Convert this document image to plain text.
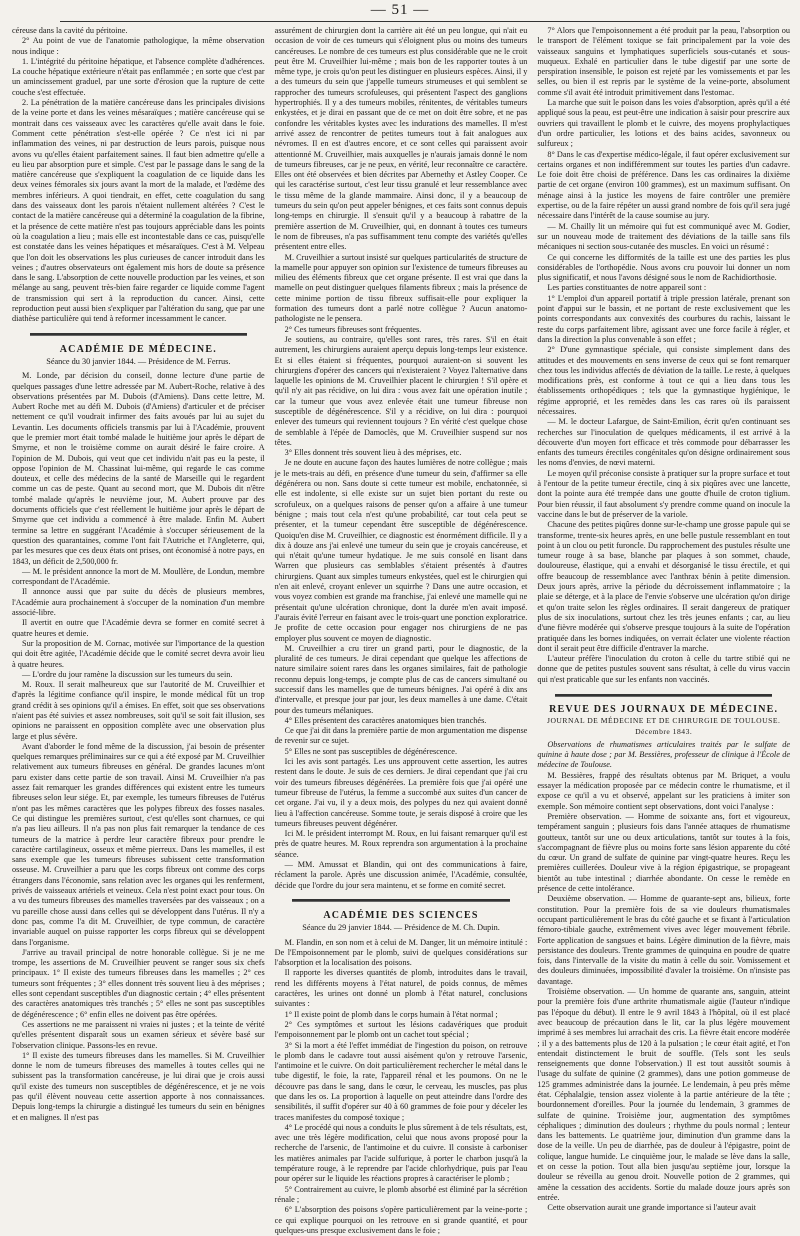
— 51 —

céreuse dans la cavité du péritoine.

2° Au point de vue de l'anatomie pathologique, la même observation nous indique :

1. L'intégrité du péritoine hépatique, et l'absence complète d'adhérences. La couche hépatique extérieure n'était pas enflammée ; en sorte que c'est par un amincissement graduel, par une sorte d'érosion que la rupture de cette couche s'est effectuée.

2. La pénétration de la matière cancéreuse dans les principales divisions de la veine porte et dans les veines mésaraïques ; matière cancéreuse qui se montrait dans ces vaisseaux avec les caractères qu'elle avait dans le foie. Comment cette pénétration s'est-elle opérée ? Ce n'est ici ni par inflammation des veines, ni par destruction de leurs parois, puisque nous avons vu qu'elles étaient parfaitement saines. Il faut bien admettre qu'elle a eu lieu par absorption pure et simple. C'est par le passage dans le sang de la matière cancéreuse que s'expliquent la coagulation de ce liquide dans les deux veines fémorales six jours avant la mort de la malade, et l'œdème des membres inférieurs. A quoi tiendrait, en effet, cette coagulation du sang dans des vaisseaux dont les parois n'étaient nullement altérées ? C'est le contact de la matière cancéreuse qui a déterminé la coagulation de la fibrine, et la présence de cette matière n'est pas toujours appréciable dans les points où la coagulation a lieu ; mais elle est incontestable dans ce cas, puisqu'elle est constatée dans les veines hépatiques et mésaraïques. C'est à M. Velpeau que l'on doit les observations les plus curieuses de cancer introduit dans les veines ; d'autres observateurs ont également mis hors de doute sa présence dans le sang. L'absorption de cette nouvelle production par les veines, et son mélange au sang, peuvent très-bien faire regarder ce liquide comme l'agent de transmission qui sert à la reproduction du cancer. Ainsi, cette reproduction peut aussi bien s'expliquer par l'altération du sang, que par une diathèse particulière qui tend à reformer incessamment le cancer.

ACADÉMIE DE MÉDECINE.
Séance du 30 janvier 1844. — Présidence de M. Ferrus.

M. Londe, par décision du conseil, donne lecture d'une partie de quelques passages d'une lettre adressée par M. Aubert-Roche, relative à des observations présentées par M. Dubois (d'Amiens). Dans cette lettre, M. Aubert Roche met au défi M. Dubois (d'Amiens) d'articuler et de préciser nettement ce qu'il voudrait infirmer des faits avoués par lui au sujet du Levantin. Les documents officiels transmis par lui à l'Académie, prouvent que le premier mort était tombé malade le huitième jour après le départ de Smyrne, et non le troisième comme on aurait désiré le faire croire. A l'opinion de M. Dubois, qui veut que cet individu n'ait pas eu la peste, il oppose l'opinion de M. Chassinat lui-même, qui regarde le cas comme douteux, et celle des médecins de la santé de Marseille qui le regardent comme un cas de peste. Quant au second mort, que M. Dubois dit n'être tombé malade qu'après le neuvième jour, M. Aubert prouve par des documents officiels que c'est réellement le huitième jour après le départ de Smyrne que cet individu a commencé à être malade. Enfin M. Aubert termine sa lettre en suggérant l'Académie à s'occuper sérieusement de la question des quarantaines, comme l'ont fait l'Autriche et l'Angleterre, qui, par les mesures que ces deux états ont prises, ont économisé à notre pays, en 1843, un déficit de 2,500,000 fr.

— M. le président annonce la mort de M. Moullère, de Londun, membre correspondant de l'Académie.

Il annonce aussi que par suite du décès de plusieurs membres, l'Académie aura prochainement à s'occuper de la nomination d'un membre associé-libre.

Il avertit en outre que l'Académie devra se former en comité secret à quatre heures et demie.

Sur la proposition de M. Cornac, motivée sur l'importance de la question qui doit être agitée, l'Académie décide que le comité secret devra avoir lieu à quatre heures.

— L'ordre du jour ramène la discussion sur les tumeurs du sein.

M. Roux. Il serait malheureux que sur l'autorité de M. Cruveilhier et d'après la légitime confiance qu'il inspire, le monde médical fût un trop grand crédit à ses opinions qu'il a émises. En effet, soit que ses observations n'aient pas été suivies et assez nombreuses, soit qu'il se soit fait illusion, ses opinions ne paraissent en opposition complète avec une observation plus large et plus sévère.

Avant d'aborder le fond même de la discussion, j'ai besoin de présenter quelques remarques préliminaires sur ce qui a été exposé par M. Cruveilhier relativement aux tumeurs fibreuses en général. De grandes lacunes m'ont paru exister dans cette partie de son travail. Ainsi M. Cruveilhier n'a pas assez fait remarquer les grandes différences qui existent entre les tumeurs fibreuses selon leur siége. Et, par exemple, les tumeurs fibreuses de l'utérus n'ont pas les mêmes caractères que les polypes fibreux des fosses nasales. Ce qui distingue les premières surtout, c'est qu'elles sont charnues, ce qui n'a pas lieu ailleurs. Il n'a pas non plus fait remarquer la tendance de ces tumeurs de la matrice à perdre leur caractère fibreux pour prendre le caractère cartilagineux, osseux et même pierreux. Dans les mamelles, il est sans exemple que les tumeurs fibreuses subissent cette transformation osseuse. M. Cruveilhier a paru que les corps fibreux ont comme des corps étrangers dans l'économie, sans relation avec les organes qui les renferment, privés de vaisseaux artériels et veineux. Cela n'est point exact pour tous. On a vu des tumeurs fibreuses des mamelles traversées par des vaisseaux ; on a vu pareille chose aussi dans celles qui se développent dans l'utérus. Il n'y a donc pas, comme l'a dit M. Cruveilhier, de type commun, de caractère invariable auquel on puisse rapporter les corps fibreux qui se développent dans l'organisme.

J'arrive au travail principal de notre honorable collègue. Si je ne me trompe, les assertions de M. Cruveilhier peuvent se ranger sous six chefs principaux. 1° Il existe des tumeurs fibreuses dans les mamelles ; 2° ces tumeurs sont fréquentes ; 3° elles donnent très souvent lieu à des méprises ; elles sont cependant susceptibles d'un diagnostic certain ; 4° elles présentent des caractères anatomiques très tranchés ; 5° elles ne sont pas susceptibles de dégénérescence ; 6° enfin elles ne doivent pas être opérées.

Ces assertions ne me paraissent ni vraies ni justes ; et la teinte de vérité qu'elles présentent disparaît sous un examen sérieux et sévère basé sur l'observation clinique. Passons-les en revue.

1° Il existe des tumeurs fibreuses dans les mamelles. Si M. Cruveilhier donne le nom de tumeurs fibreuses des mamelles à toutes celles qui ne subissent pas la transformation cancéreuse, je lui dirai que je crois aussi qu'il existe des tumeurs non susceptibles de dégénérescence, et je ne vois pas qu'il élèvent nouveau cette assertion apporte à nos connaissances. Depuis long-temps la chirurgie a distingué les tumeurs du sein en bénignes et en malignes. Il n'est pas

assurément de chirurgien dont la carrière ait été un peu longue, qui n'ait eu occasion de voir de ces tumeurs qui s'éloignent plus ou moins des tumeurs cancéreuses. Le nombre de ces tumeurs est plus considérable que ne le croit peut être M. Cruveilhier lui-même ; mais bon de les rapporter toutes à un même type, je crois qu'on peut les distinguer en plusieurs espèces. Ainsi, il y a des tumeurs du sein que j'appelle tumeurs strumeuses et qui semblent se rapprocher des tumeurs scrofuleuses, qui présentent l'aspect des ganglions hypertrophiés. Il y a des tumeurs mobiles, rénitentes, de véritables tumeurs enkystées, et je dirai en passant que de ce met on doit être sobre, et ne pas confondre les véritables kystes avec les indurations des mamelles. Il m'est arrivé assez de rencontrer de petites tumeurs tout à fait analogues aux névromes. Il en est d'autres encore, et ce sont celles qui paraissent avoir attentionné M. Cruveilhier, mais auxquelles je n'aurais jamais donné le nom de tumeurs fibreuses, car je ne peux, en vérité, leur reconnaître ce caractère. Elles ont été observées et bien décrites par Abernethy et Astley Cooper. Ce qui les caractérise surtout, c'est leur tissu granulé et leur ressemblance avec le tissu même de la glande mammaire. Ainsi donc, il y a beaucoup de tumeurs du sein qu'on peut appeler bénignes, et ces faits sont connus depuis long-temps en chirurgie. Il s'ensuit qu'il y a beaucoup à rabattre de la première assertion de M. Cruveilhier, qui, en donnant à toutes ces tumeurs le nom de fibreuses, n'a pas suffisamment tenu compte des variétés qu'elles présentent entre elles.

M. Cruveilhier a surtout insisté sur quelques particularités de structure de la mamelle pour appuyer son opinion sur l'existence de tumeurs fibreuses au milieu des éléments fibreux que cet organe présente. Il est vrai que dans la mamelle on peut distinguer quelques filaments fibreux ; mais la présence de cette minime portion de tissu fibreux suffisait-elle pour expliquer la formation des tumeurs dont a parlé notre collègue ? Aucun anatomo-pathologiste ne le pensera.

2° Ces tumeurs fibreuses sont fréquentes.

Je soutiens, au contraire, qu'elles sont rares, très rares. S'il en était autrement, les chirurgiens auraient aperçu depuis long-temps leur existence. Et si elles étaient si fréquentes, pourquoi auraient-on si souvent les chirurgiens d'opérer des cancers qui n'existeraient ? Voyez l'alternative dans laquelle les opinions de M. Cruveilhier placent le chirurgien ! S'il opère et qu'il n'y ait pas récidive, on lui dira : vous avez fait une opération inutile ; car la tumeur que vous avez enlevée était une tumeur fibreuse non susceptible de dégénérescence. S'il y a récidive, on lui dira : pourquoi enlever des tumeurs qui reviennent toujours ? En vérité c'est quelque chose de semblable à l'épée de Damoclès, que M. Cruveilhier suspend sur nos têtes.

3° Elles donnent très souvent lieu à des méprises, etc.

Je ne doute en aucune façon des hautes lumières de notre collègue ; mais je le mets-trais au défi, en présence d'une tumeur du sein, d'affirmer sa elle dégénérera ou non. Sans doute si cette tumeur est mobile, enchatonnée, si elle est indolente, si elle existe sur un sujet bien portant du reste ou scrofuleux, on a quelques raisons de penser qu'on a affaire à une tumeur bénigne ; mais tout cela n'est qu'une probabilité, car tout cela peut se présenter, et la tumeur cependant être susceptible de dégénérescence. Quoiqu'en dise M. Cruveilhier, ce diagnostic est énormément difficile. Il y a dix à douze ans j'ai enlevé une tumeur du sein que je croyais cancéreuse, et qui n'était qu'une tumeur hydatique. Je me suis consolé en lisant dans Warren que plusieurs cas semblables s'étaient présentés à d'autres chirurgiens. Quant aux simples tumeurs enkystées, quel est le chirurgien qui n'en ait enlevé, croyant enlever un squirrhe ? Dans une autre occasion, et vous voyez combien est grande ma franchise, j'ai enlevé une mamelle qui ne présentait qu'une ulcération chronique, dont la durée m'en avait imposé. J'aurais évité l'erreur en faisant avec le trois-quart une ponction exploratrice. Je profite de cette occasion pour engager nos chirurgiens de ne pas employer plus souvent ce moyen de diagnostic.

M. Cruveilhier a cru tirer un grand parti, pour le diagnostic, de la pluralité de ces tumeurs. Je dirai cependant que quelque les affections de nature similaire soient rares dans les organes similaires, fait de pathologie reconnu depuis long-temps, je compte plus de cas de cancers simultané ou successif dans les mamelles que de tumeurs bénignes. J'ai opéré à dix ans d'intervalle, et presque jour par jour, les deux mamelles à une dame. C'était pour des tumeurs mélaniques.

4° Elles présentent des caractères anatomiques bien tranchés.

Ce que j'ai dit dans la première partie de mon argumentation me dispense de revenir sur ce sujet.

5° Elles ne sont pas susceptibles de dégénérescence.

Ici les avis sont partagés. Les uns approuvent cette assertion, les autres restent dans le doute. Je suis de ces derniers. Je dirai cependant que j'ai cru voir des tumeurs fibreuses dégénérées. La première fois que j'ai opéré une tumeur fibreuse de l'utérus, la femme a succombé aux suites d'un cancer de cet organe. J'ai vu, il y a deux mois, des polypes du nez qui avaient donné lieu à l'affection cancéreuse. Somme toute, je serais disposé à croire que les tumeurs fibreuses peuvent dégénérer.

Ici M. le président interrompt M. Roux, en lui faisant remarquer qu'il est près de quatre heures. M. Roux reprendra son argumentation à la prochaine séance.

— MM. Amussat et Blandin, qui ont des communications à faire, réclament la parole. Après une discussion animée, l'Académie, consultée, décide que l'ordre du jour sera maintenu, et se forme en comité secret.

ACADÉMIE DES SCIENCES
Séance du 29 janvier 1844. — Présidence de M. Ch. Dupin.

M. Flandin, en son nom et à celui de M. Danger, lit un mémoire intitulé : De l'Empoisonnement par le plomb, suivi de quelques considérations sur l'absorption et la localisation des poisons.

Il rapporte les diverses quantités de plomb, introduites dans le travail, rend les différents moyens à l'état naturel, de poids connus, de mêmes caractères, les urines ont donné un plomb à l'état naturel, conclusions suivantes :

1° Il existe point de plomb dans le corps humain à l'état normal ;

2° Ces symptômes et surtout les lésions cadavériques que produit l'empoisonnement par le plomb ont un cachet tout spécial ;

3° Si la mort a été l'effet immédiat de l'ingestion du poison, on retrouve le plomb dans le cadavre tout aussi aisément qu'on y retrouve l'arsenic, l'antimoine et le cuivre. On doit particulièrement rechercher le métal dans le tube digestif, le foie, la rate, l'appareil rénal et les poumons. On ne le découvre pas dans le sang, dans le cœur, le cerveau, les muscles, pas plus que dans les os. La proportion à laquelle on peut atteindre dans l'ordre des sensibilités, il suffit d'opérer sur 40 à 60 grammes de foie pour y déceler les traces manifestes du composé toxique ;

4° Le procédé qui nous a conduits le plus sûrement à de tels résultats, est, avec une très légère modification, celui que nous avons proposé pour la recherche de l'arsenic, de l'antimoine et du cuivre. Il consiste à carboniser les matières animales par l'acide sulfurique, à porter le charbon jusqu'à la température rouge, à le reprendre par l'acide chlorhydrique, puis par l'eau pour opérer sur le liquide les réactions propres à caractériser le plomb ;

5° Contrairement au cuivre, le plomb absorbé est éliminé par la sécrétion rénale ;

6° L'absorption des poisons s'opère particulièrement par la veine-porte ; ce qui explique pourquoi on les retrouve en si grande quantité, et pour quelques-uns presque exclusivement dans le foie ;

7° Alors que l'empoisonnement a été produit par la peau, l'absorption ou le transport de l'élément toxique se fait principalement par la voie des vaisseaux sanguins et lymphatiques superficiels sous-cutanés et sous-muqueux. Exhalé en particulier dans le tube digestif par une sorte de perspiration insensible, le poison est rejeté par les vomissements et par les selles, ou bien il est repris par le système de la veine-porte, absolument comme s'il avait été introduit primitivement dans l'estomac.

La marche que suit le poison dans les voies d'absorption, après qu'il a été appliqué sous la peau, est peut-être une indication à saisir pour prescrire aux ouvriers qui travaillent le plomb et le cuivre, des moyens prophylactiques d'un ordre particulier, les lotions et des bains acides, savonneux ou sulfureux ;

8° Dans le cas d'expertise médico-légale, il faut opérer exclusivement sur certains organes et non indifféremment sur toutes les parties d'un cadavre. Le foie doit être choisi de préférence. Dans les cas ordinaires la dixième partie de cet organe (environ 100 grammes), est un maximum suffisant. On ménage ainsi à la justice les moyens de faire contrôler une première expertise, ou de la faire répéter un aussi grand nombre de fois qu'il sera jugé nécessaire dans l'intérêt de la cause soumise au jury.

— M. Chailly lit un mémoire qui fut est communiqué avec M. Godier, sur un nouveau mode de traitement des déviations de la taille sans fils mécaniques ni section sous-cutanée des muscles. En voici un résumé :

Ce qui concerne les difformités de la taille est une des parties les plus considérables de l'orthopédie. Nous avons cru pouvoir lui donner un nom plus significatif, et nous l'avons désigné sous le nom de Rachidiorthosie.

Les parties constituantes de notre appareil sont :

1° L'emploi d'un appareil portatif à triple pression latérale, prenant son point d'appui sur le bassin, et ne portant de reste exclusivement que les points correspondants aux convexités des courbures du rachis, laissant le reste du corps parfaitement libre, agissant avec une force facile à régler, et dans la direction la plus convenable à son effet ;

2° D'une gymnastique spéciale, qui consiste simplement dans des attitudes et des mouvements en sens inverse de ceux qui se font remarquer chez tous les individus affectés de déviation de la taille. Le reste, à quelques modifications près, est conforme à tout ce qui a lieu dans tous les établissements orthopédiques ; tels que la gymnastique hygiénique, le régime approprié, et les remèdes dans les cas rares où ils paraissent nécessaires.

— M. le docteur Lafargue, de Saint-Emilion, écrit qu'en continuant ses recherches sur l'inoculation de quelques médicaments, il est arrivé à la découverte d'un moyen fort efficace et très commode pour débarrasser les enfants des tumeurs érectiles congénitales qu'on désigne ordinairement sous les noms d'envies, de nœvi materni.

Le moyen qu'il préconise consiste à pratiquer sur la propre surface et tout à l'entour de la petite tumeur érectile, cinq à six piqûres avec une lancette, dont la pointe aura été trempée dans une goutte d'huile de croton tiglium. Pour bien réussir, il faut absolument s'y prendre comme quand on inocule la vaccine dans le but de préserver de la variole.

Chacune des petites piqûres donne sur-le-champ une grosse papule qui se transforme, trente-six heures après, en une belle pustule ressemblant en tout point à un clou ou petit furoncle. Du rapprochement des pustules résulte une tumeur rouge à sa base, blanche par plaques à son sommet, chaude, douloureuse, élastique, qui a envahi et désorganisé le tissu érectile, et qui offre beaucoup de ressemblance avec l'anthrax bénin à petite dimension. Deux jours après, arrive la période du décroissement inflammatoire ; la plaie se déterge, et à la place de l'envie s'observe une ulcération qu'on dirige et qu'on traite selon les règles ordinaires. Il serait dangereux de pratiquer plus de six inoculations, surtout chez les très jeunes enfants ; car, au lieu d'une fièvre modérée qui s'observe presque toujours à la suite de l'opération pratiquée dans les bornes indiquées, on verrait éclater une violente réaction dont il serait peut être difficile d'entraver la marche.

L'auteur préfère l'inoculation du croton à celle du tartre stibié qui ne donne que de petites pustules souvent sans résultat, à celle du virus vaccin qui n'est praticable que sur les enfants non vaccinés.

REVUE DES JOURNAUX DE MÉDECINE.
JOURNAL DE MÉDECINE ET DE CHIRURGIE DE TOULOUSE. Décembre 1843.

Observations de rhumatismes articulaires traités par le sulfate de quinine à haute dose ; par M. Bessières, professeur de clinique à l'École de médecine de Toulouse.

M. Bessières, frappé des résultats obtenus par M. Briquet, a voulu essayer la médication proposée par ce médecin contre le rhumatisme, et il expose ce qu'il a vu et observé, appelant sur les praticiens à imiter son exemple. Son mémoire contient sept observations, dont voici l'analyse :

Première observation. — Homme de soixante ans, fort et vigoureux, tempérament sanguin ; plusieurs fois dans l'année attaques de rhumatisme goutteux, tantôt sur une ou deux articulations, tantôt sur toutes à la fois, s'accompagnant de fièvre plus ou moins forte sans lésion apparente du côté du cœur. Un grand de sulfate de quinine par vingt-quatre heures. Reçu les premières cuillerées. Douleur vive à la région épigastrique, se propageant bientôt au tube intestinal ; diarrhée abondante. On cesse le remède en présence de cette intolérance.

Deuxième observation. — Homme de quarante-sept ans, bilieux, forte constitution. Pour la première fois de sa vie douleurs rhumatismales occupant particulièrement le bras du côté gauche et se fixant à l'articulation fémoro-tibiale gauche, extrêmement vives avec léger mouvement fébrile. Forte application de sangsues et bains. Légère diminution de la fièvre, mais persistance des douleurs. Trente grammes de quinquina en poudre de quatre fois, dans l'intervalle de la visite du matin à celle du soir. Vomissement et des douleurs diminuées, impossibilité d'avaler la troisième. On n'insiste pas davantage.

Troisième observation. — Un homme de quarante ans, sanguin, atteint pour la première fois d'une arthrite rhumatismale aigüe (l'auteur n'indique pas l'époque du début). Il entre le 9 avril 1843 à l'hôpital, où il est placé avec beaucoup de précaution dans le lit, car la plus légère mouvement imprimé à ses membres lui arrachait des cris. La fièvre était encore modérée ; il y a des battements plus de 120 à la pulsation ; le cœur était agité, et l'on entendait distinctement le bruit de souffle. (Tels sont les seuls renseignements que donne l'observation.) Il est tout aussitôt soumis à l'usage du sulfate de quinine (2 grammes), dans une potion gommeuse de 125 grammes administrée dans la journée. Le lendemain, à peu près même état. Céphalalgie, tension assez violente à la partie antérieure de la tête ; bourdonnement d'oreilles. Pour la journée du lendemain, 3 grammes de sulfate de quinine. Troisième jour, augmentation des symptômes céphaliques ; diminution des douleurs ; rhythme du pouls normal ; lenteur dans les battements. Le quatrième jour, diminution d'un gramme dans la dose de la veille. Un peu de diarrhée, pas de douleur à l'épigastre, point de colique, langue humide. Le cinquième jour, le malade se lève dans la salle, et on cesse la potion. Tout alla bien jusqu'au septième jour, lorsque la douleur se réveilla au genou droit. Nouvelle potion de 2 grammes, qui amène la cessation des accidents. Sortie du malade douze jours après son entrée.

Cette observation aurait une grande importance si l'auteur avait
